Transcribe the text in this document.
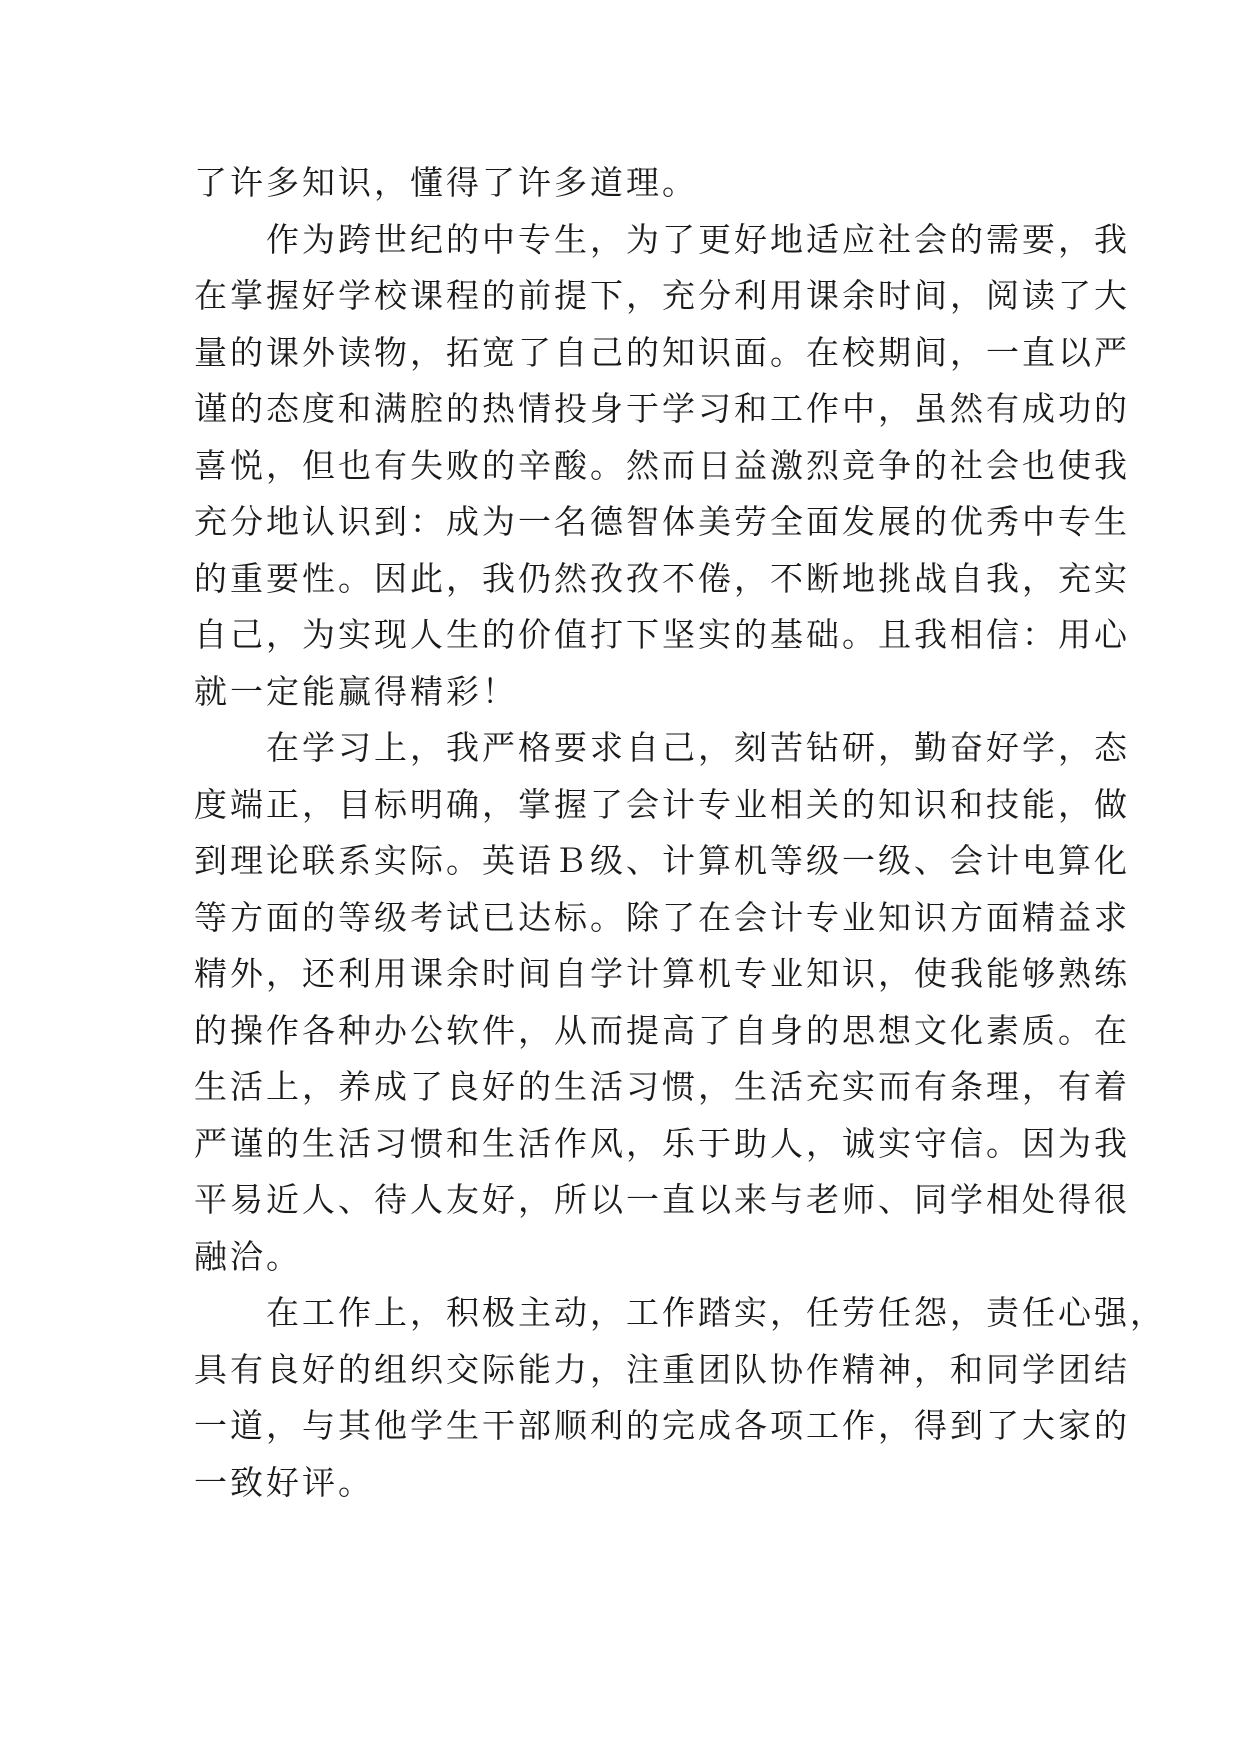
了许多知识，懂得了许多道理。
　　作为跨世纪的中专生，为了更好地适应社会的需要，我
在掌握好学校课程的前提下，充分利用课余时间，阅读了大
量的课外读物，拓宽了自己的知识面。在校期间，一直以严
谨的态度和满腔的热情投身于学习和工作中，虽然有成功的
喜悦，但也有失败的辛酸。然而日益激烈竞争的社会也使我
充分地认识到：成为一名德智体美劳全面发展的优秀中专生
的重要性。因此，我仍然孜孜不倦，不断地挑战自我，充实
自己，为实现人生的价值打下坚实的基础。且我相信：用心
就一定能赢得精彩！
　　在学习上，我严格要求自己，刻苦钻研，勤奋好学，态
度端正，目标明确，掌握了会计专业相关的知识和技能，做
到理论联系实际。英语Ｂ级、计算机等级一级、会计电算化
等方面的等级考试已达标。除了在会计专业知识方面精益求
精外，还利用课余时间自学计算机专业知识，使我能够熟练
的操作各种办公软件，从而提高了自身的思想文化素质。在
生活上，养成了良好的生活习惯，生活充实而有条理，有着
严谨的生活习惯和生活作风，乐于助人，诚实守信。因为我
平易近人、待人友好，所以一直以来与老师、同学相处得很
融洽。
　　在工作上，积极主动，工作踏实，任劳任怨，责任心强，
具有良好的组织交际能力，注重团队协作精神，和同学团结
一道，与其他学生干部顺利的完成各项工作，得到了大家的
一致好评。
